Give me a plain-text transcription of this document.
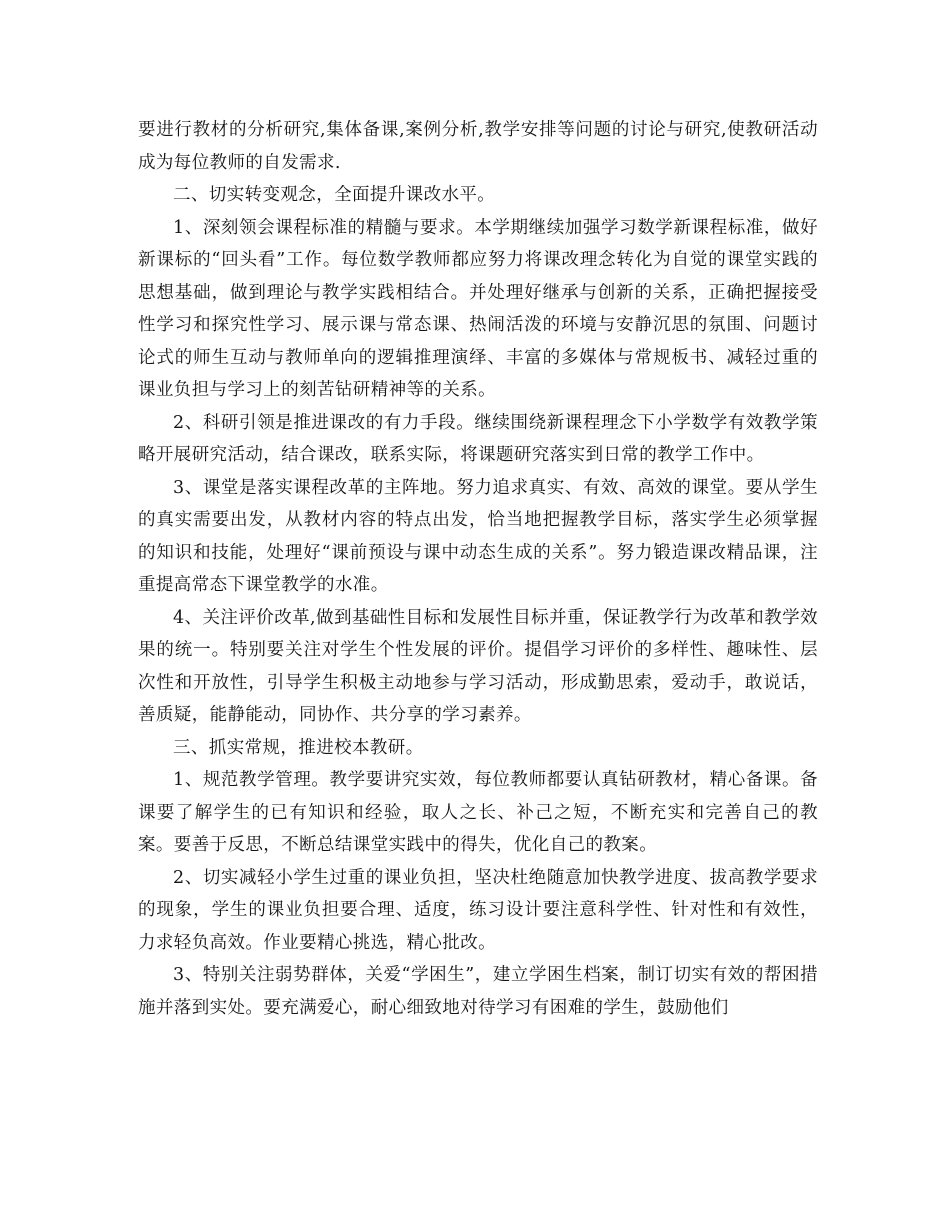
要进行教材的分析研究,集体备课,案例分析,教学安排等问题的讨论与研究,使教研活动成为每位教师的自发需求.

二、切实转变观念，全面提升课改水平。

1、深刻领会课程标准的精髓与要求。本学期继续加强学习数学新课程标准，做好新课标的“回头看”工作。每位数学教师都应努力将课改理念转化为自觉的课堂实践的思想基础，做到理论与教学实践相结合。并处理好继承与创新的关系，正确把握接受性学习和探究性学习、展示课与常态课、热闹活泼的环境与安静沉思的氛围、问题讨论式的师生互动与教师单向的逻辑推理演绎、丰富的多媒体与常规板书、减轻过重的课业负担与学习上的刻苦钻研精神等的关系。

2、科研引领是推进课改的有力手段。继续围绕新课程理念下小学数学有效教学策略开展研究活动，结合课改，联系实际，将课题研究落实到日常的教学工作中。

3、课堂是落实课程改革的主阵地。努力追求真实、有效、高效的课堂。要从学生的真实需要出发，从教材内容的特点出发，恰当地把握教学目标，落实学生必须掌握的知识和技能，处理好“课前预设与课中动态生成的关系”。努力锻造课改精品课，注重提高常态下课堂教学的水准。

4、关注评价改革,做到基础性目标和发展性目标并重，保证教学行为改革和教学效果的统一。特别要关注对学生个性发展的评价。提倡学习评价的多样性、趣味性、层次性和开放性，引导学生积极主动地参与学习活动，形成勤思索，爱动手，敢说话，善质疑，能静能动，同协作、共分享的学习素养。

三、抓实常规，推进校本教研。

1、规范教学管理。教学要讲究实效，每位教师都要认真钻研教材，精心备课。备课要了解学生的已有知识和经验，取人之长、补己之短，不断充实和完善自己的教案。要善于反思，不断总结课堂实践中的得失，优化自己的教案。

2、切实减轻小学生过重的课业负担，坚决杜绝随意加快教学进度、拔高教学要求的现象，学生的课业负担要合理、适度，练习设计要注意科学性、针对性和有效性，力求轻负高效。作业要精心挑选，精心批改。

3、特别关注弱势群体，关爱“学困生”，建立学困生档案，制订切实有效的帮困措施并落到实处。要充满爱心，耐心细致地对待学习有困难的学生，鼓励他们
